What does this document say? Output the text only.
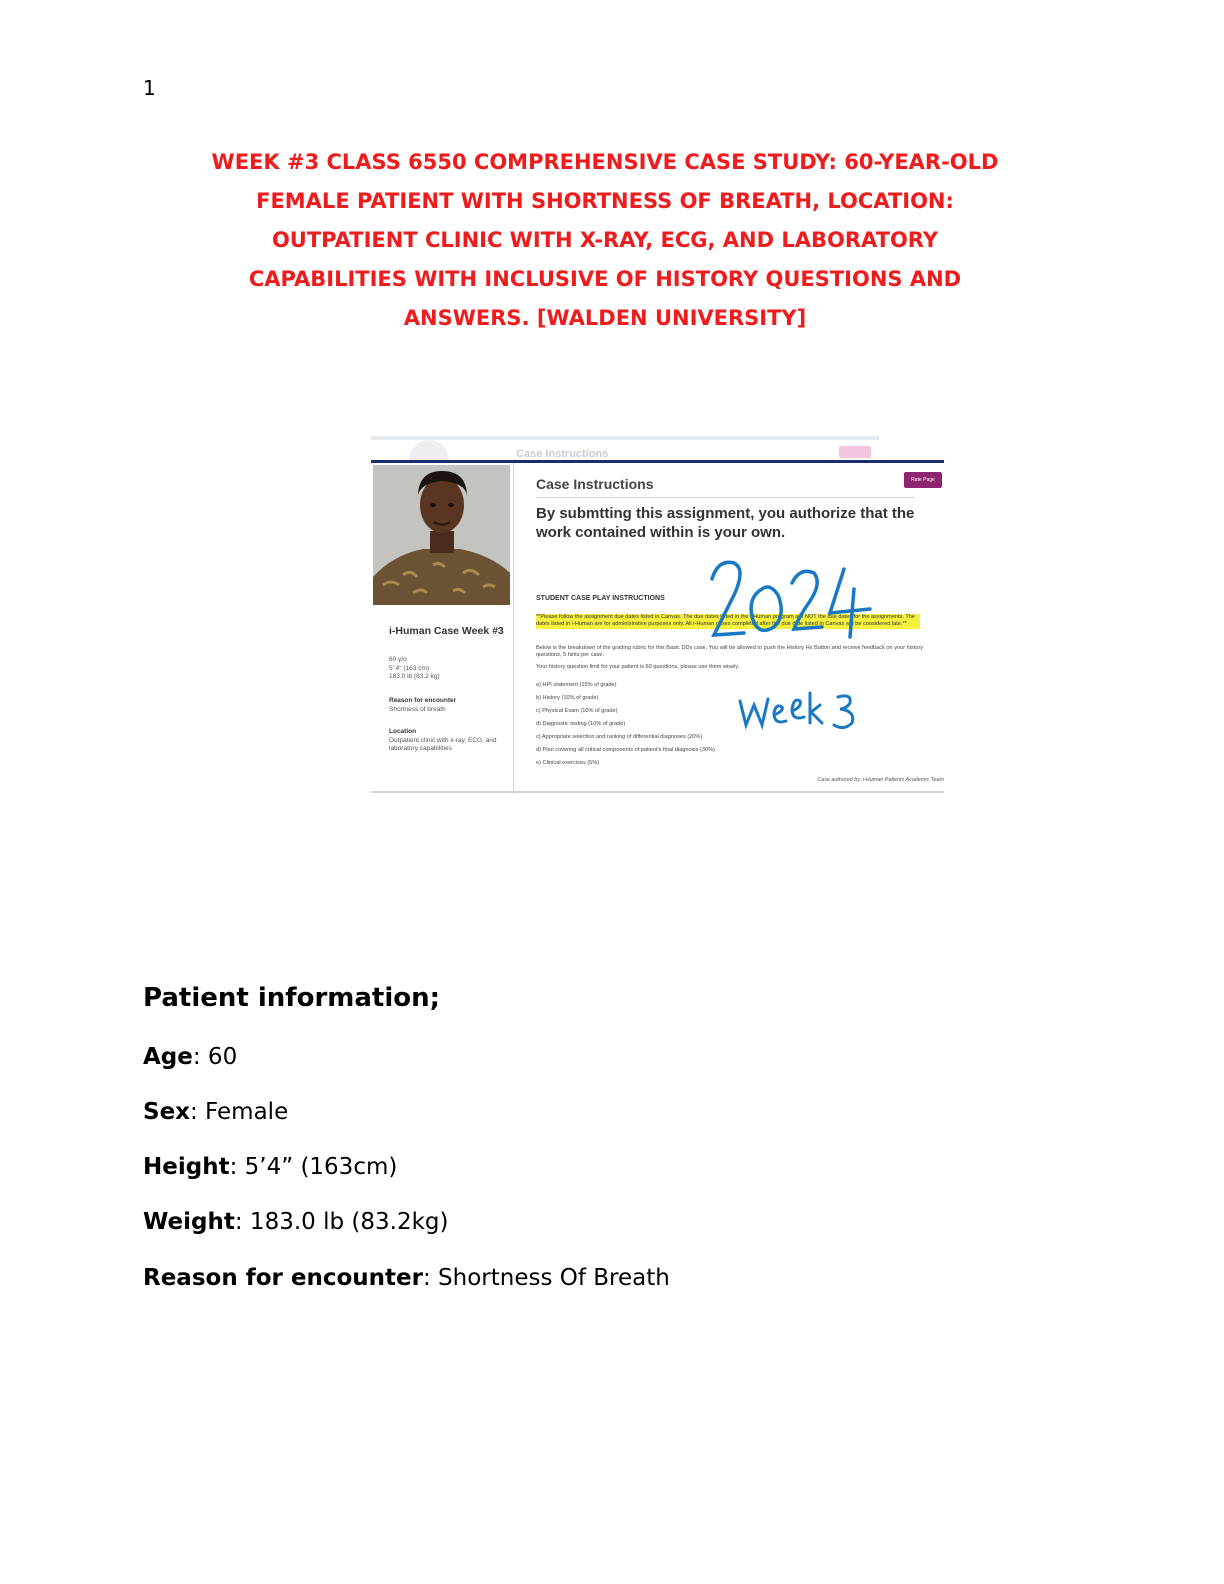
1
WEEK #3 CLASS 6550 COMPREHENSIVE CASE STUDY: 60-YEAR-OLD
FEMALE PATIENT WITH SHORTNESS OF BREATH, LOCATION:
OUTPATIENT CLINIC WITH X-RAY, ECG, AND LABORATORY
CAPABILITIES WITH INCLUSIVE OF HISTORY QUESTIONS AND
ANSWERS. [WALDEN UNIVERSITY]
Case Instructions
i-Human Case Week #3
60 y/o
5' 4" (163 cm)
183.0 lb (83.2 kg)
Reason for encounter
Shortness of breath
Location
Outpatient clinic with x-ray, ECG, and laboratory capabilities
Case Instructions	Rate Page
By submtting this assignment, you authorize that the work contained within is your own.
STUDENT CASE PLAY INSTRUCTIONS
**Please follow the assignment due dates listed in Canvas. The due dates listed in the i-Human program are NOT the due dates for the assignments. The dates listed in i-Human are for administrative purposes only. All i-Human cases completed after the due date listed in Canvas will be considered late.**
Below is the breakdown of the grading rubric for this Basic DDx case. You will be allowed to push the History Hx Button and receive feedback on your history questions, 5 hints per case.
Your history question limit for your patient is 60 questions, please use them wisely.
a) HPI statement (15% of grade)
b) History (10% of grade)
c) Physical Exam (10% of grade)
d) Diagnostic testing (10% of grade)
c) Appropriate selection and ranking of differential diagnoses (20%)
d) Plan covering all critical components of patient's final diagnosis (30%)
e) Clinical exercises (5%)
Case authored by: i-Human Patients Academic Team
Patient information;
Age: 60
Sex: Female
Height: 5’4” (163cm)
Weight: 183.0 lb (83.2kg)
Reason for encounter: Shortness Of Breath
